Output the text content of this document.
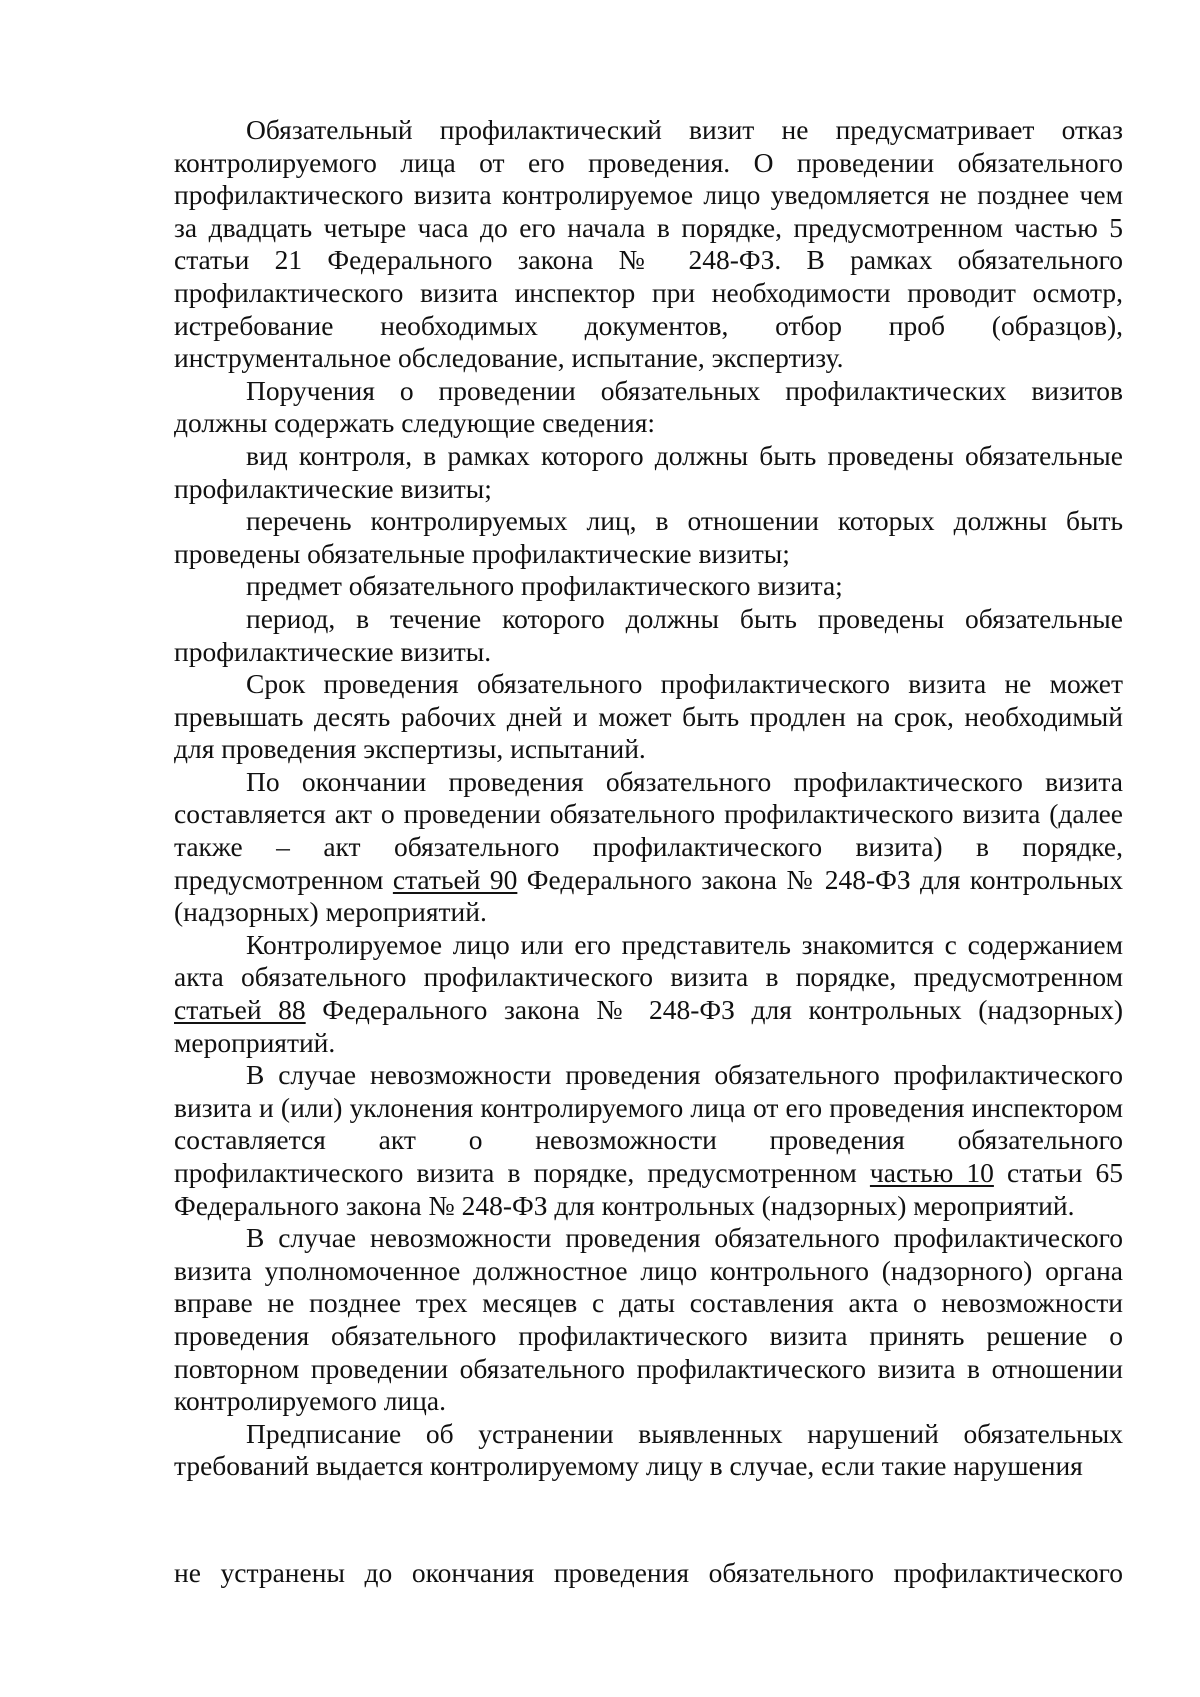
Обязательный профилактический визит не предусматривает отказ контролируемого лица от его проведения. О проведении обязательного профилактического визита контролируемое лицо уведомляется не позднее чем за двадцать четыре часа до его начала в порядке, предусмотренном частью 5 статьи 21 Федерального закона № 248-ФЗ. В рамках обязательного профилактического визита инспектор при необходимости проводит осмотр, истребование необходимых документов, отбор проб (образцов), инструментальное обследование, испытание, экспертизу.

Поручения о проведении обязательных профилактических визитов должны содержать следующие сведения:

вид контроля, в рамках которого должны быть проведены обязательные профилактические визиты;

перечень контролируемых лиц, в отношении которых должны быть проведены обязательные профилактические визиты;

предмет обязательного профилактического визита;

период, в течение которого должны быть проведены обязательные профилактические визиты.

Срок проведения обязательного профилактического визита не может превышать десять рабочих дней и может быть продлен на срок, необходимый для проведения экспертизы, испытаний.

По окончании проведения обязательного профилактического визита составляется акт о проведении обязательного профилактического визита (далее также – акт обязательного профилактического визита) в порядке, предусмотренном статьей 90 Федерального закона № 248-ФЗ для контрольных (надзорных) мероприятий.

Контролируемое лицо или его представитель знакомится с содержанием акта обязательного профилактического визита в порядке, предусмотренном статьей 88 Федерального закона № 248-ФЗ для контрольных (надзорных) мероприятий.

В случае невозможности проведения обязательного профилактического визита и (или) уклонения контролируемого лица от его проведения инспектором составляется акт о невозможности проведения обязательного профилактического визита в порядке, предусмотренном частью 10 статьи 65 Федерального закона № 248-ФЗ для контрольных (надзорных) мероприятий.

В случае невозможности проведения обязательного профилактического визита уполномоченное должностное лицо контрольного (надзорного) органа вправе не позднее трех месяцев с даты составления акта о невозможности проведения обязательного профилактического визита принять решение о повторном проведении обязательного профилактического визита в отношении контролируемого лица.

Предписание об устранении выявленных нарушений обязательных требований выдается контролируемому лицу в случае, если такие нарушения

не устранены до окончания проведения обязательного профилактического
